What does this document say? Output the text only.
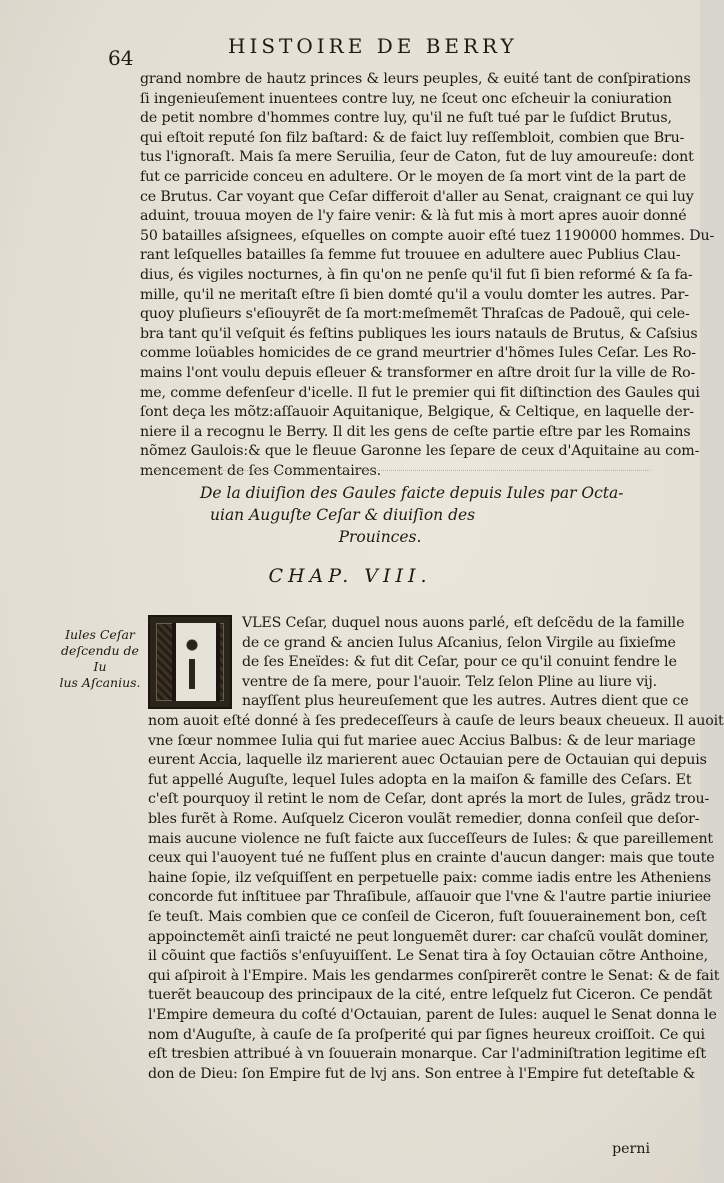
64	HISTOIRE DE BERRY
grand nombre de hautz princes & leurs peuples, & euité tant de conſpirations
ſi ingenieuſement inuentees contre luy, ne ſceut onc eſcheuir la coniuration
de petit nombre d'hommes contre luy, qu'il ne fuſt tué par le ſuſdict Brutus,
qui eſtoit reputé ſon filz baſtard: & de faict luy reſſembloit, combien que Bru-
tus l'ignoraſt. Mais ſa mere Seruilia, ſeur de Caton, fut de luy amoureuſe: dont
fut ce parricide conceu en adultere. Or le moyen de ſa mort vint de la part de
ce Brutus. Car voyant que Ceſar differoit d'aller au Senat, craignant ce qui luy
aduint, trouua moyen de l'y faire venir: & là fut mis à mort apres auoir donné
50 batailles aſsignees, eſquelles on compte auoir eſté tuez 1190000 hommes. Du-
rant leſquelles batailles ſa femme fut trouuee en adultere auec Publius Clau-
dius, és vigiles nocturnes, à fin qu'on ne penſe qu'il fut ſi bien reformé & ſa fa-
mille, qu'il ne meritaſt eſtre ſi bien domté qu'il a voulu domter les autres. Par-
quoy pluſieurs s'eſiouyrẽt de ſa mort:meſmemẽt Thraſcas de Padouẽ, qui cele-
bra tant qu'il veſquit és feſtins publiques les iours natauls de Brutus, & Caſsius
comme loüables homicides de ce grand meurtrier d'hõmes Iules Ceſar. Les Ro-
mains l'ont voulu depuis eſleuer & transformer en aſtre droit ſur la ville de Ro-
me, comme defenſeur d'icelle. Il fut le premier qui fit diſtinction des Gaules qui
ſont deça les mõtz:aſſauoir Aquitanique, Belgique, & Celtique, en laquelle der-
niere il a recognu le Berry. Il dit les gens de ceſte partie eſtre par les Romains
nõmez Gaulois:& que le fleuue Garonne les ſepare de ceux d'Aquitaine au com-
mencement de ſes Commentaires.
De la diuiſion des Gaules faicte depuis Iules par Octa-
uian Auguſte Ceſar & diuiſion des
Prouinces.
CHAP. VIII.
Iules Ceſar
deſcendu de Iu
lus Aſcanius.
VLES Ceſar, duquel nous auons parlé, eſt deſcẽdu de la famille
de ce grand & ancien Iulus Aſcanius, ſelon Virgile au ſixieſme
de ſes Eneïdes: & fut dit Ceſar, pour ce qu'il conuint fendre le
ventre de ſa mere, pour l'auoir. Telz ſelon Pline au liure vij.
nayſſent plus heureuſement que les autres. Autres dient que ce
nom auoit eſté donné à ſes predeceſſeurs à cauſe de leurs beaux cheueux. Il auoit
vne ſœur nommee Iulia qui fut mariee auec Accius Balbus: & de leur mariage
eurent Accia, laquelle ilz marierent auec Octauian pere de Octauian qui depuis
fut appellé Auguſte, lequel Iules adopta en la maiſon & famille des Ceſars. Et
c'eſt pourquoy il retint le nom de Ceſar, dont aprés la mort de Iules, grãdz trou-
bles furẽt à Rome. Auſquelz Ciceron voulãt remedier, donna conſeil que deſor-
mais aucune violence ne fuſt faicte aux ſucceſſeurs de Iules: & que pareillement
ceux qui l'auoyent tué ne fuſſent plus en crainte d'aucun danger: mais que toute
haine ſopie, ilz veſquiſſent en perpetuelle paix: comme iadis entre les Atheniens
concorde fut inſtituee par Thraſibule, aſſauoir que l'vne & l'autre partie iniuriee
ſe teuſt. Mais combien que ce conſeil de Ciceron, fuſt ſouuerainement bon, ceſt
appoinctemẽt ainſi traicté ne peut longuemẽt durer: car chaſcũ voulãt dominer,
il cõuint que factiõs s'enſuyuiſſent. Le Senat tira à ſoy Octauian cõtre Anthoine,
qui aſpiroit à l'Empire. Mais les gendarmes conſpirerẽt contre le Senat: & de fait
tuerẽt beaucoup des principaux de la cité, entre leſquelz fut Ciceron. Ce pendãt
l'Empire demeura du coſté d'Octauian, parent de Iules: auquel le Senat donna le
nom d'Auguſte, à cauſe de ſa proſperité qui par ſignes heureux croiſſoit. Ce qui
eſt tresbien attribué à vn ſouuerain monarque. Car l'adminiſtration legitime eſt
don de Dieu: ſon Empire fut de lvj ans. Son entree à l'Empire fut deteſtable &
perni
